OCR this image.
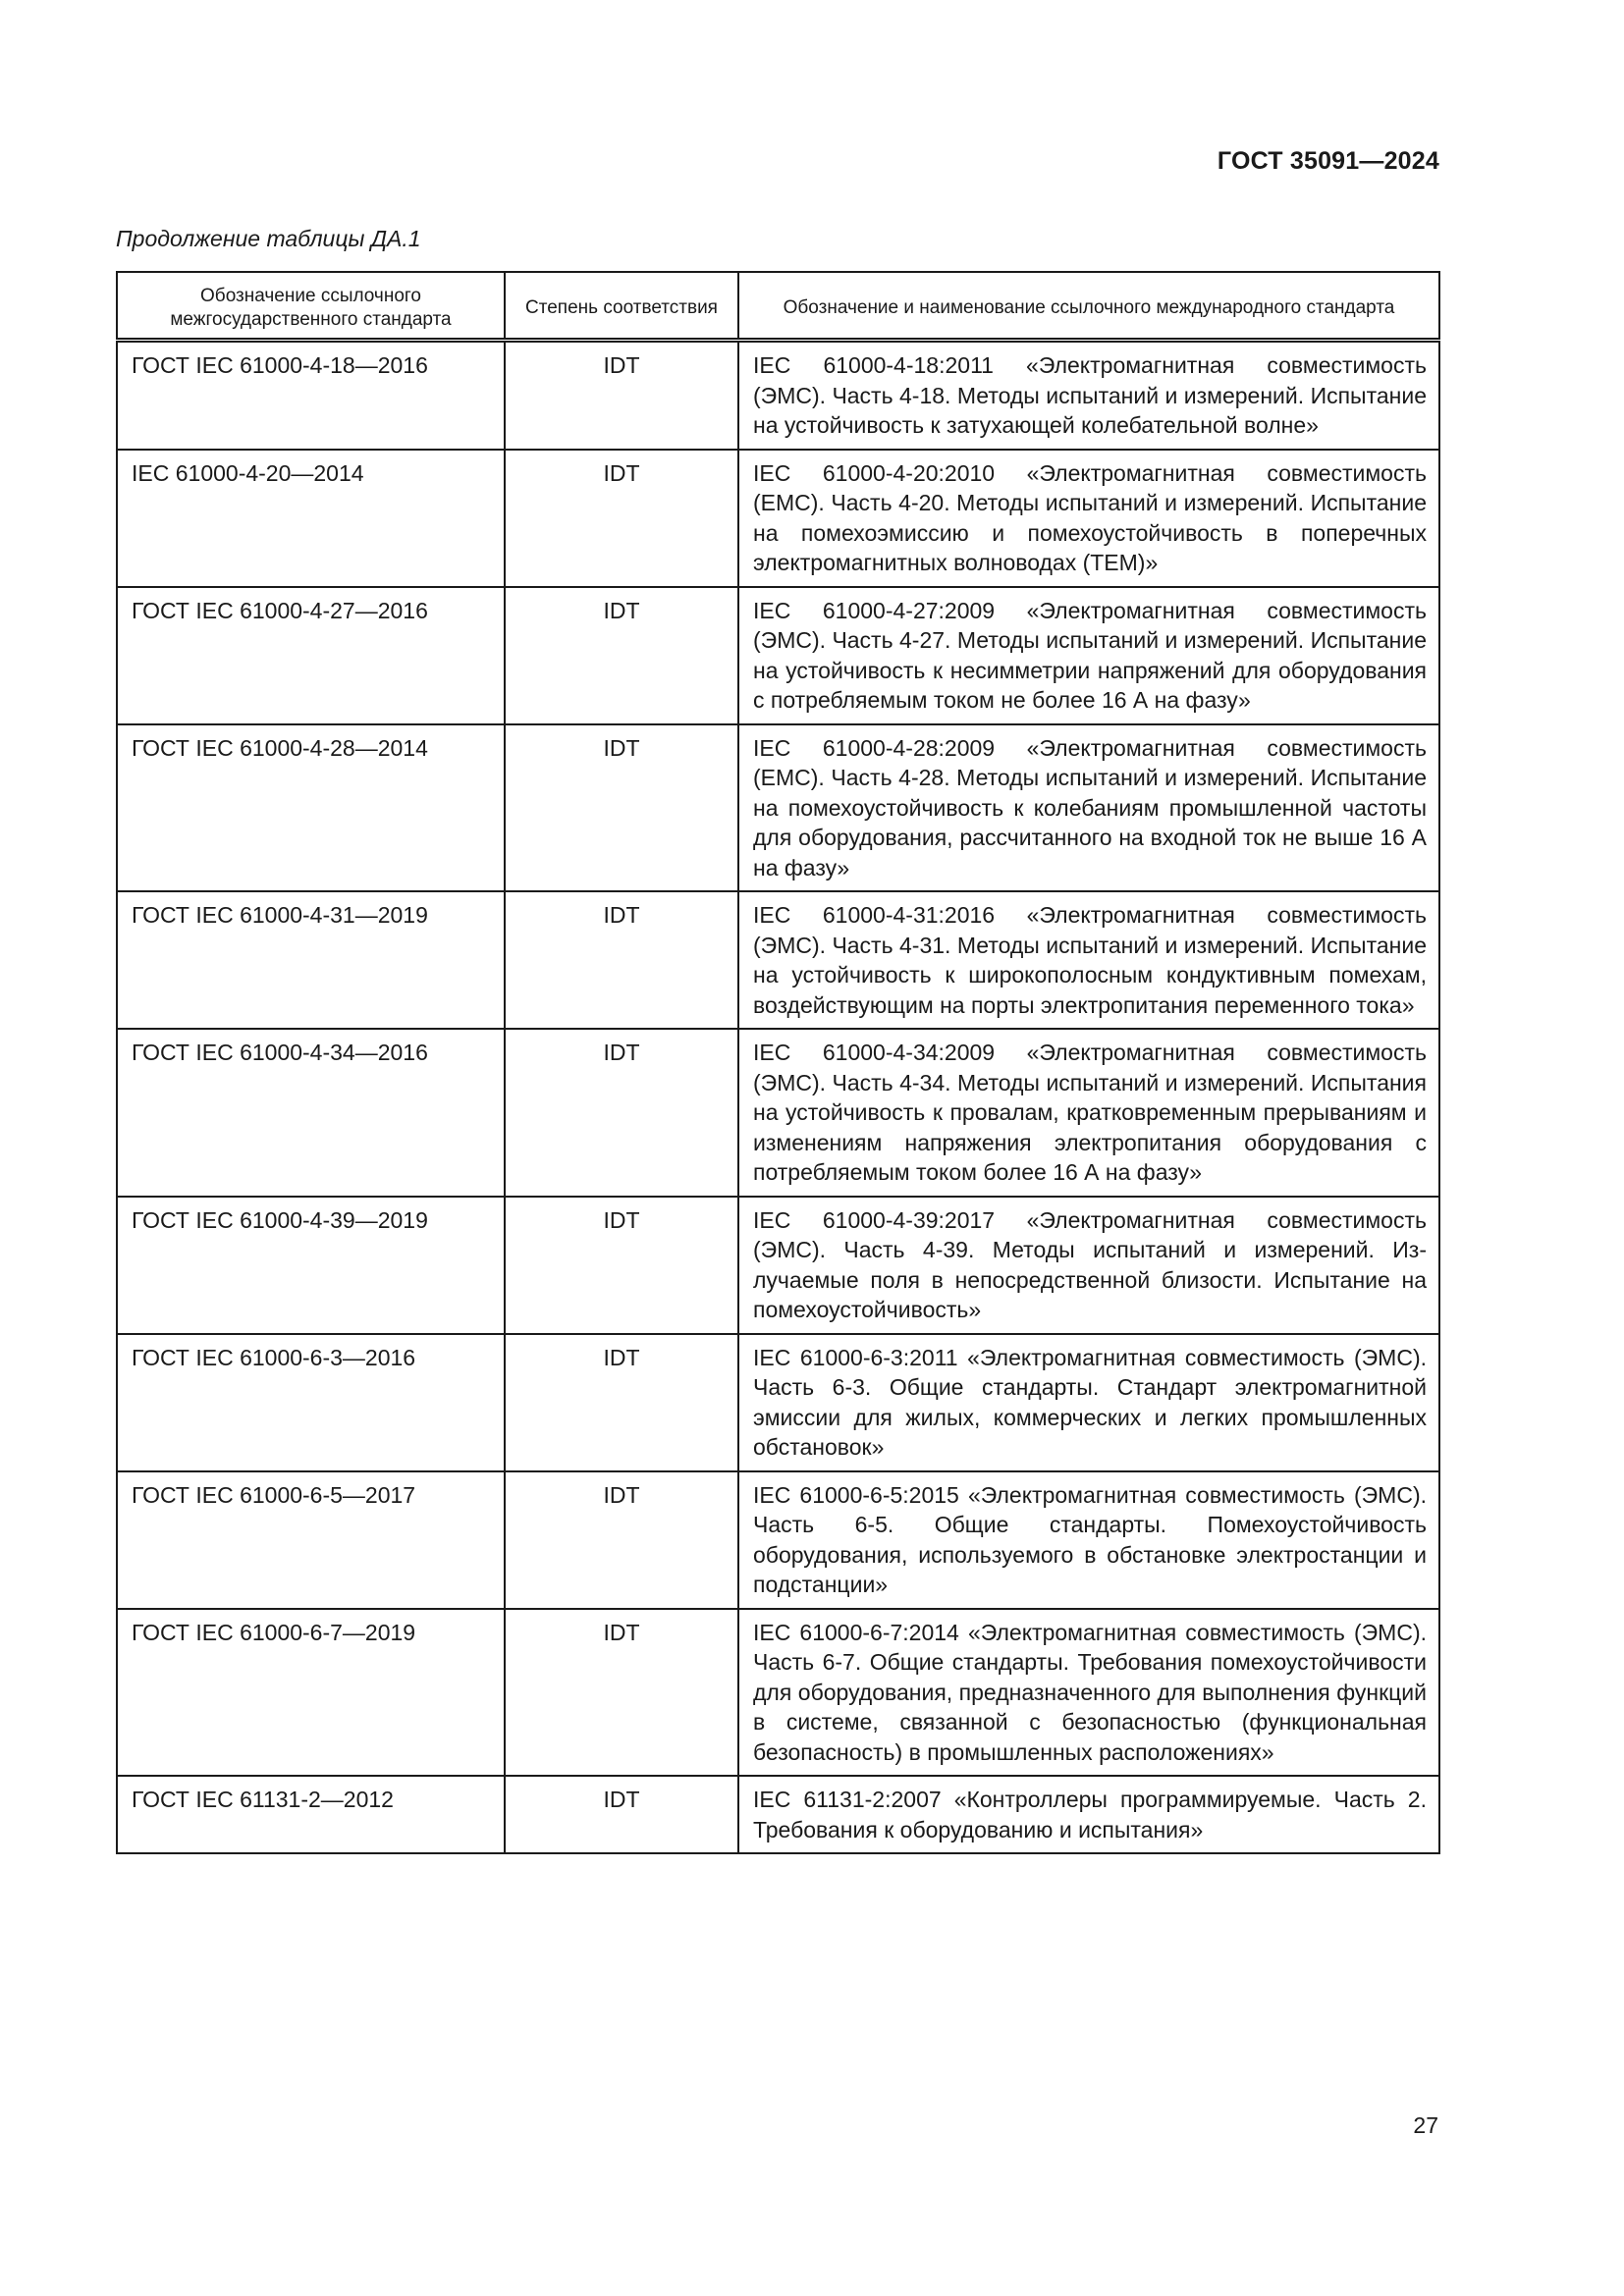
ГОСТ 35091—2024
Продолжение таблицы ДА.1
Обозначение ссылочного межгосударственного стандарта	Степень соответствия	Обозначение и наименование ссылочного международного стандарта
ГОСТ IEC 61000-4-18—2016	IDT	IEC 61000-4-18:2011 «Электромагнитная совместимость (ЭМС). Часть 4-18. Методы испытаний и измерений. Испытание на устойчивость к затухающей колебательной волне»
IEC 61000-4-20—2014	IDT	IEC 61000-4-20:2010 «Электромагнитная совместимость (ЕМС). Часть 4-20. Методы испытаний и измерений. Испытание на помехоэмиссию и помехоустойчивость в поперечных электромагнитных волноводах (ТЕМ)»
ГОСТ IEC 61000-4-27—2016	IDT	IEC 61000-4-27:2009 «Электромагнитная совместимость (ЭМС). Часть 4-27. Методы испытаний и измерений. Испытание на устойчивость к несимметрии напряжений для оборудования с потребляемым током не более 16 А на фазу»
ГОСТ IEC 61000-4-28—2014	IDT	IEC 61000-4-28:2009 «Электромагнитная совместимость (ЕМС). Часть 4-28. Методы испытаний и измерений. Испытание на помехоустойчивость к колебаниям промышленной частоты для оборудования, рассчитанного на входной ток не выше 16 А на фазу»
ГОСТ IEC 61000-4-31—2019	IDT	IEC 61000-4-31:2016 «Электромагнитная совместимость (ЭМС). Часть 4-31. Методы испытаний и измерений. Испытание на устойчивость к широкополосным кондуктивным помехам, воздействующим на порты электропитания переменного тока»
ГОСТ IEC 61000-4-34—2016	IDT	IEC 61000-4-34:2009 «Электромагнитная совместимость (ЭМС). Часть 4-34. Методы испытаний и измерений. Испытания на устойчивость к провалам, кратковременным прерываниям и изменениям напряжения электропитания оборудования с потребляемым током более 16 А на фазу»
ГОСТ IEC 61000-4-39—2019	IDT	IEC 61000-4-39:2017 «Электромагнитная совместимость (ЭМС). Часть 4-39. Методы испытаний и измерений. Излучаемые поля в непосредственной близости. Испытание на помехоустойчивость»
ГОСТ IEC 61000-6-3—2016	IDT	IEC 61000-6-3:2011 «Электромагнитная совместимость (ЭМС). Часть 6-3. Общие стандарты. Стандарт электромагнитной эмиссии для жилых, коммерческих и легких промышленных обстановок»
ГОСТ IEC 61000-6-5—2017	IDT	IEC 61000-6-5:2015 «Электромагнитная совместимость (ЭМС). Часть 6-5. Общие стандарты. Помехоустойчивость оборудования, используемого в обстановке электростанции и подстанции»
ГОСТ IEC 61000-6-7—2019	IDT	IEC 61000-6-7:2014 «Электромагнитная совместимость (ЭМС). Часть 6-7. Общие стандарты. Требования помехоустойчивости для оборудования, предназначенного для выполнения функций в системе, связанной с безопасностью (функциональная безопасность) в промышленных расположениях»
ГОСТ IEC 61131-2—2012	IDT	IEC 61131-2:2007 «Контроллеры программируемые. Часть 2. Требования к оборудованию и испытания»
27
